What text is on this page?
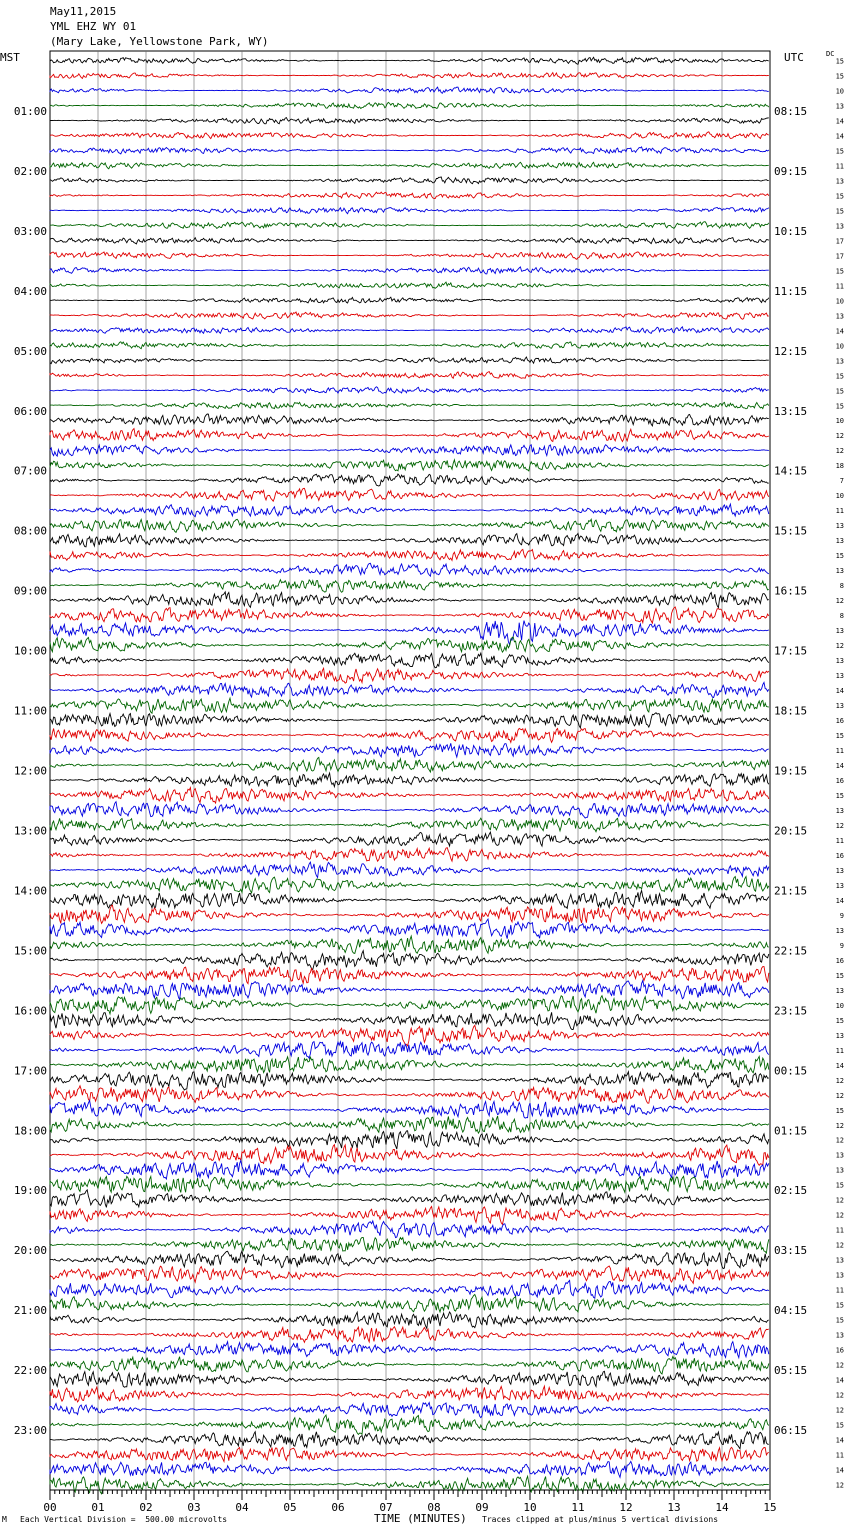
May11,2015
YML EHZ WY 01
(Mary Lake, Yellowstone Park, WY)
MST	UTC	DC
01:00
02:00
03:00
04:00
05:00
06:00
07:00
08:00
09:00
10:00
11:00
12:00
13:00
14:00
15:00
16:00
17:00
18:00
19:00
20:00
21:00
22:00
23:00
08:15
09:15
10:15
11:15
12:15
13:15
14:15
15:15
16:15
17:15
18:15
19:15
20:15
21:15
22:15
23:15
00:15
01:15
02:15
03:15
04:15
05:15
06:15
15
15
10
13
14
14
15
11
13
15
15
13
17
17
15
11
10
13
14
10
13
15
15
15
10
12
12
18
7
10
11
13
13
15
13
8
12
8
13
12
13
13
14
13
16
15
11
14
16
15
13
12
11
16
13
13
14
9
13
9
16
15
13
10
15
13
11
14
12
12
15
12
12
13
13
15
12
12
11
12
13
13
11
15
15
13
16
12
14
12
12
15
14
11
14
12
00	01	02	03	04	05	06	07	08	09	10	11	12	13	14	15
TIME (MINUTES)
M Each Vertical Division =  500.00 microvolts	Traces clipped at plus/minus 5 vertical divisions
